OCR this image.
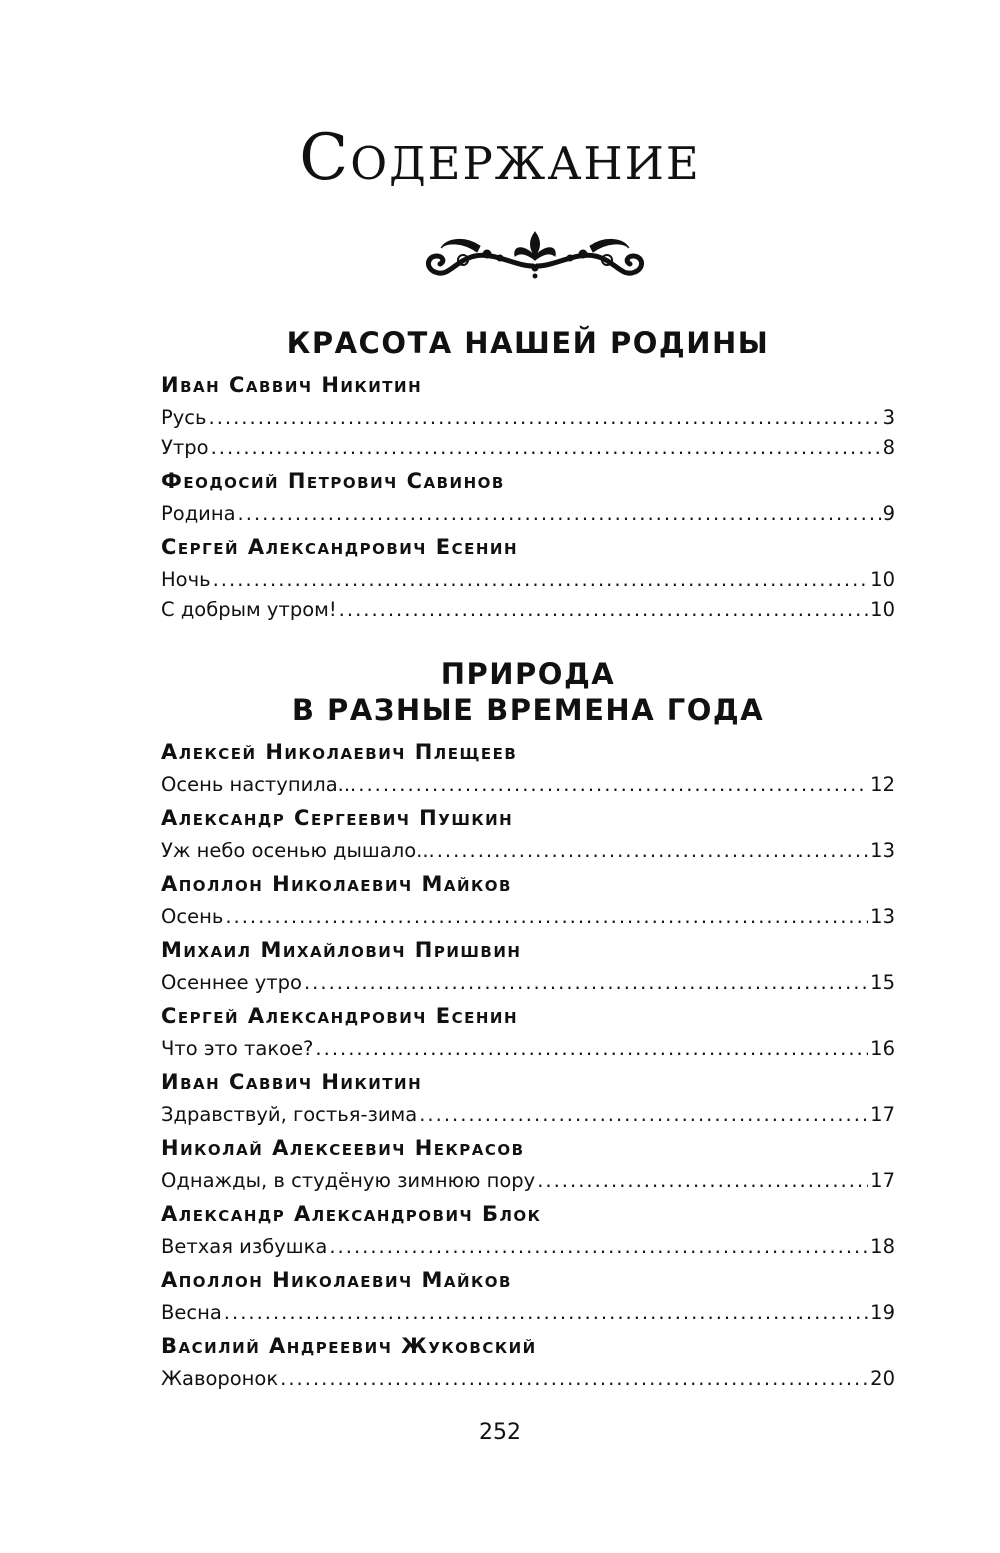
Содержание
КРАСОТА НАШЕЙ РОДИНЫ
Иван Саввич Никитин
Русь .....	3
Утро .....	8
Феодосий Петрович Савинов
Родина .....	9
Сергей Александрович Есенин
Ночь .....	10
С добрым утром! .....	10
ПРИРОДА
В РАЗНЫЕ ВРЕМЕНА ГОДА
Алексей Николаевич Плещеев
Осень наступила... .....	12
Александр Сергеевич Пушкин
Уж небо осенью дышало... .....	13
Аполлон Николаевич Майков
Осень .....	13
Михаил Михайлович Пришвин
Осеннее утро .....	15
Сергей Александрович Есенин
Что это такое? .....	16
Иван Саввич Никитин
Здравствуй, гостья-зима .....	17
Николай Алексеевич Некрасов
Однажды, в студёную зимнюю пору .....	17
Александр Александрович Блок
Ветхая избушка .....	18
Аполлон Николаевич Майков
Весна .....	19
Василий Андреевич Жуковский
Жаворонок .....	20
252
